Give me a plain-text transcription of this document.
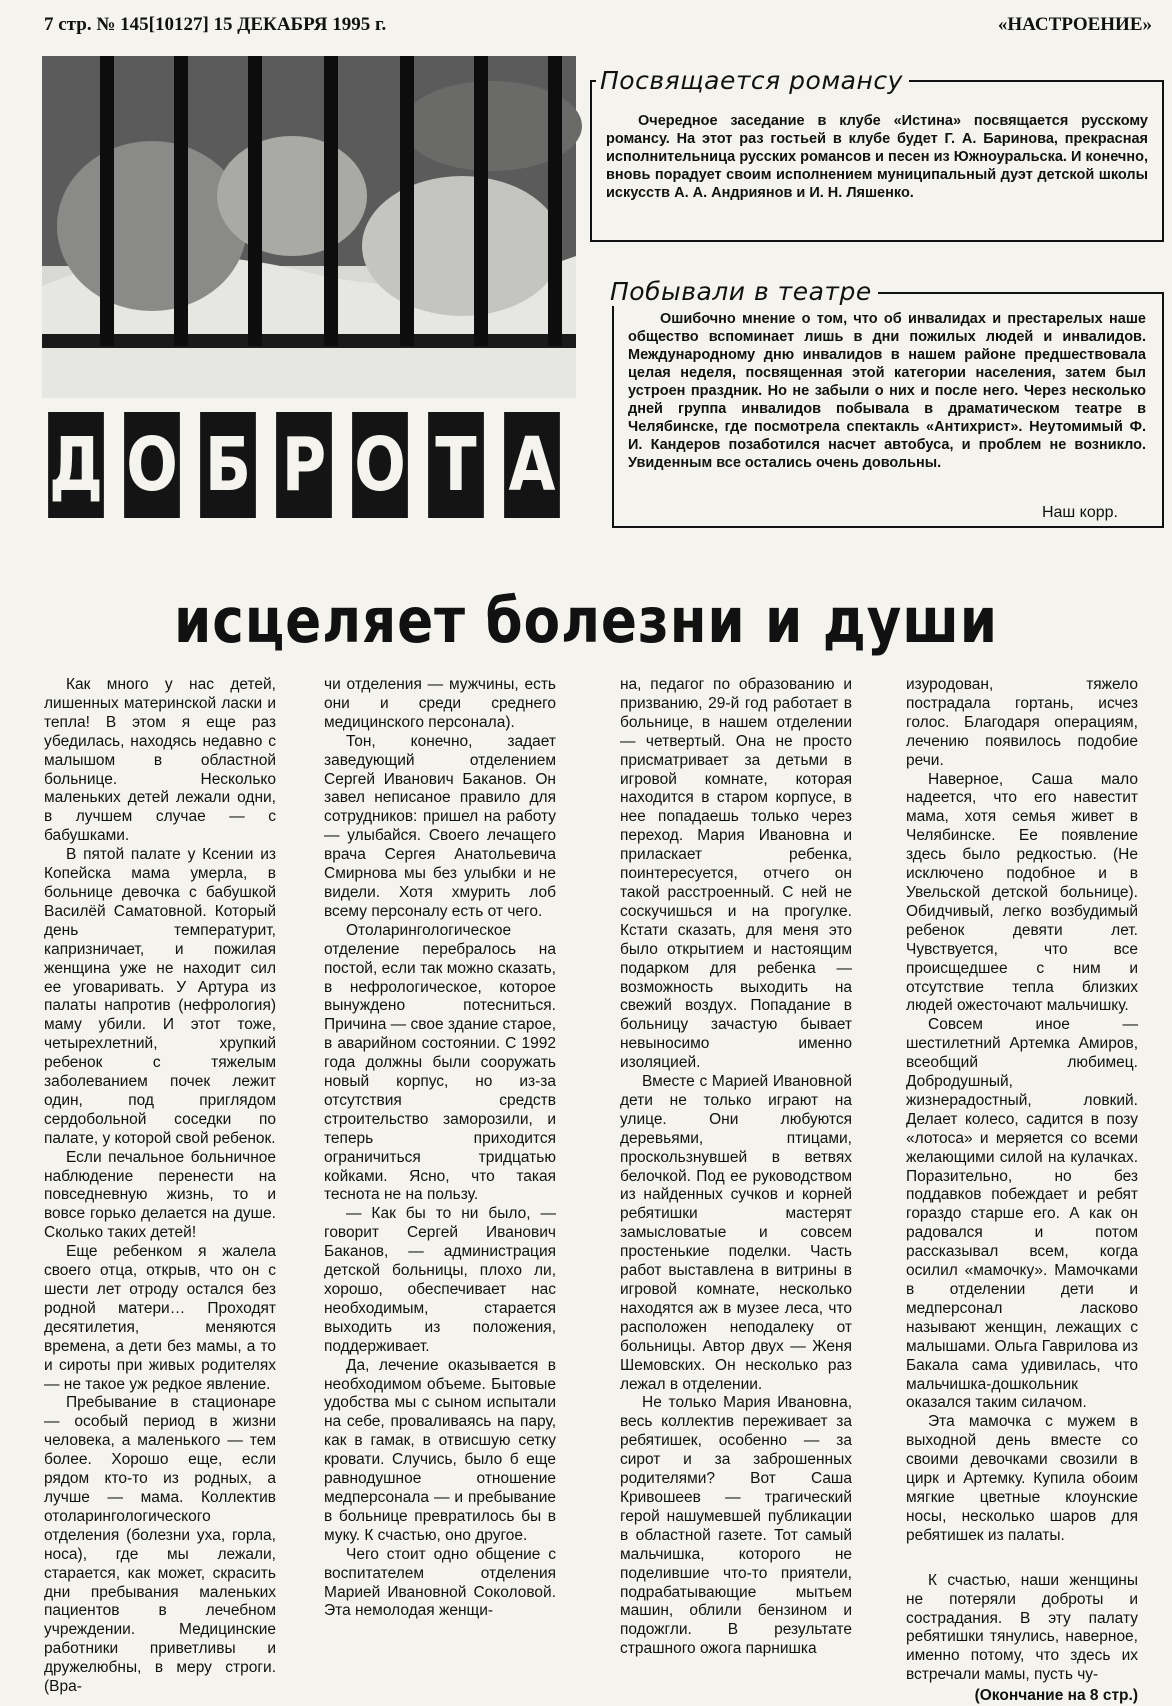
7 стр. № 145[10127] 15 ДЕКАБРЯ 1995 г.	«НАСТРОЕНИЕ»
Д О Б Р О Т А
Посвящается романсу
Очередное заседание в клубе «Истина» посвящается русскому романсу. На этот раз гостьей в клубе будет Г. А. Баринова, прекрасная исполнительница русских романсов и песен из Южноуральска. И конечно, вновь порадует своим исполнением муниципальный дуэт детской школы искусств А. А. Андриянов и И. Н. Ляшенко.
Побывали в театре
Ошибочно мнение о том, что об инвалидах и престарелых наше общество вспоминает лишь в дни пожилых людей и инвалидов. Международному дню инвалидов в нашем районе предшествовала целая неделя, посвященная этой категории населения, затем был устроен праздник. Но не забыли о них и после него. Через несколько дней группа инвалидов побывала в драматическом театре в Челябинске, где посмотрела спектакль «Антихрист». Неутомимый Ф. И. Кандеров позаботился насчет автобуса, и проблем не возникло. Увиденным все остались очень довольны.
Наш корр.
исцеляет болезни и души

Как много у нас детей, лишенных материнской ласки и тепла! В этом я еще раз убедилась, находясь недавно с малышом в областной больнице. Несколько маленьких детей лежали одни, в лучшем случае — с бабушками.

В пятой палате у Ксении из Копейска мама умерла, в больнице девочка с бабушкой Василёй Саматовной. Который день температурит, капризничает, и пожилая женщина уже не находит сил ее уговаривать. У Артура из палаты напротив (нефрология) маму убили. И этот тоже, четырехлетний, хрупкий ребенок с тяжелым заболеванием почек лежит один, под приглядом сердобольной соседки по палате, у которой свой ребенок.

Если печальное больничное наблюдение перенести на повседневную жизнь, то и вовсе горько делается на душе. Сколько таких детей!

Еще ребенком я жалела своего отца, открыв, что он с шести лет отроду остался без родной матери… Проходят десятилетия, меняются времена, а дети без мамы, а то и сироты при живых родителях — не такое уж редкое явление.

Пребывание в стационаре — особый период в жизни человека, а маленького — тем более. Хорошо еще, если рядом кто-то из родных, а лучше — мама. Коллектив отоларингологического отделения (болезни уха, горла, носа), где мы лежали, старается, как может, скрасить дни пребывания маленьких пациентов в лечебном учреждении. Медицинские работники приветливы и дружелюбны, в меру строги. (Вра-

чи отделения — мужчины, есть они и среди среднего медицинского персонала).

Тон, конечно, задает заведующий отделением Сергей Иванович Баканов. Он завел неписаное правило для сотрудников: пришел на работу — улыбайся. Своего лечащего врача Сергея Анатольевича Смирнова мы без улыбки и не видели. Хотя хмурить лоб всему персоналу есть от чего.

Отоларингологическое отделение перебралось на постой, если так можно сказать, в нефрологическое, которое вынуждено потесниться. Причина — свое здание старое, в аварийном состоянии. С 1992 года должны были сооружать новый корпус, но из-за отсутствия средств строительство заморозили, и теперь приходится ограничиться тридцатью койками. Ясно, что такая теснота не на пользу.

— Как бы то ни было, — говорит Сергей Иванович Баканов, — администрация детской больницы, плохо ли, хорошо, обеспечивает нас необходимым, старается выходить из положения, поддерживает.

Да, лечение оказывается в необходимом объеме. Бытовые удобства мы с сыном испытали на себе, проваливаясь на пару, как в гамак, в отвисшую сетку кровати. Случись, было б еще равнодушное отношение медперсонала — и пребывание в больнице превратилось бы в муку. К счастью, оно другое.

Чего стоит одно общение с воспитателем отделения Марией Ивановной Соколовой. Эта немолодая женщи-

на, педагог по образованию и призванию, 29-й год работает в больнице, в нашем отделении — четвертый. Она не просто присматривает за детьми в игровой комнате, которая находится в старом корпусе, в нее попадаешь только через переход. Мария Ивановна и приласкает ребенка, поинтересуется, отчего он такой расстроенный. С ней не соскучишься и на прогулке. Кстати сказать, для меня это было открытием и настоящим подарком для ребенка — возможность выходить на свежий воздух. Попадание в больницу зачастую бывает невыносимо именно изоляцией.

Вместе с Марией Ивановной дети не только играют на улице. Они любуются деревьями, птицами, проскользнувшей в ветвях белочкой. Под ее руководством из найденных сучков и корней ребятишки мастерят замысловатые и совсем простенькие поделки. Часть работ выставлена в витрины в игровой комнате, несколько находятся аж в музее леса, что расположен неподалеку от больницы. Автор двух — Женя Шемовских. Он несколько раз лежал в отделении.

Не только Мария Ивановна, весь коллектив переживает за ребятишек, особенно — за сирот и за заброшенных родителями? Вот Саша Кривошеев — трагический герой нашумевшей публикации в областной газете. Тот самый мальчишка, которого не поделившие что-то приятели, подрабатывающие мытьем машин, облили бензином и подожгли. В результате страшного ожога парнишка

изуродован, тяжело пострадала гортань, исчез голос. Благодаря операциям, лечению появилось подобие речи.

Наверное, Саша мало надеется, что его навестит мама, хотя семья живет в Челябинске. Ее появление здесь было редкостью. (Не исключено подобное и в Увельской детской больнице). Обидчивый, легко возбудимый ребенок девяти лет. Чувствуется, что все происщедшее с ним и отсутствие тепла близких людей ожесточают мальчишку.

Совсем иное — шестилетний Артемка Амиров, всеобщий любимец. Добродушный, жизнерадостный, ловкий. Делает колесо, садится в позу «лотоса» и меряется со всеми желающими силой на кулачках. Поразительно, но без поддавков побеждает и ребят гораздо старше его. А как он радовался и потом рассказывал всем, когда осилил «мамочку». Мамочками в отделении дети и медперсонал ласково называют женщин, лежащих с малышами. Ольга Гаврилова из Бакала сама удивилась, что мальчишка-дошкольник оказался таким силачом.

Эта мамочка с мужем в выходной день вместе со своими девочками свозили в цирк и Артемку. Купила обоим мягкие цветные клоунские носы, несколько шаров для ребятишек из палаты.

К счастью, наши женщины не потеряли доброты и сострадания. В эту палату ребятишки тянулись, наверное, именно потому, что здесь их встречали мамы, пусть чу-

(Окончание на 8 стр.)
